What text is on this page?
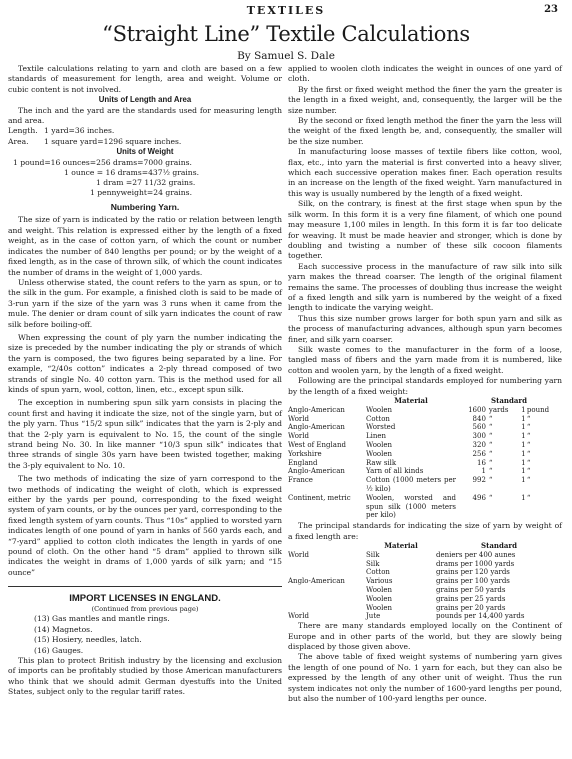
TEXTILES	23
“Straight Line” Textile Calculations
By Samuel S. Dale

Textile calculations relating to yarn and cloth are based on a few standards of measurement for length, area and weight. Volume or cubic content is not involved.

Units of Length and Area

The inch and the yard are the standards used for measuring length and area.

Length. 1 yard=36 inches.
Area.	1 square yard=1296 square inches.
Units of Weight
1 pound=16 ounces=256 drams=7000 grains.
1 ounce = 16 drams=437½ grains.
1 dram =27 11/32 grains.
1 pennyweight=24 grains.
Numbering Yarn.

The size of yarn is indicated by the ratio or relation between length and weight. This relation is expressed either by the length of a fixed weight, as in the case of cotton yarn, of which the count or number indicates the number of 840 lengths per pound; or by the weight of a fixed length, as in the case of thrown silk, of which the count indicates the number of drams in the weight of 1,000 yards.

Unless otherwise stated, the count refers to the yarn as spun, or to the silk in the gum. For example, a finished cloth is said to be made of 3-run yarn if the size of the yarn was 3 runs when it came from the mule. The denier or dram count of silk yarn indicates the count of raw silk before boiling-off.

When expressing the count of ply yarn the number indicating the size is preceded by the number indicating the ply or strands of which the yarn is composed, the two figures being separated by a line. For example, “2/40s cotton” indicates a 2-ply thread composed of two strands of single No. 40 cotton yarn. This is the method used for all kinds of spun yarn, wool, cotton, linen, etc., except spun silk.

The exception in numbering spun silk yarn consists in placing the count first and having it indicate the size, not of the single yarn, but of the ply yarn. Thus “15/2 spun silk” indicates that the yarn is 2-ply and that the 2-ply yarn is equivalent to No. 15, the count of the single strand being No. 30. In like manner “10/3 spun silk” indicates that three strands of single 30s yarn have been twisted together, making the 3-ply equivalent to No. 10.

The two methods of indicating the size of yarn correspond to the two methods of indicating the weight of cloth, which is expressed either by the yards per pound, corresponding to the fixed weight system of yarn counts, or by the ounces per yard, corresponding to the fixed length system of yarn counts. Thus “10s” applied to worsted yarn indicates length of one pound of yarn in hanks of 560 yards each, and “7-yard” applied to cotton cloth indicates the length in yards of one pound of cloth. On the other hand “5 dram” applied to thrown silk indicates the weight in drams of 1,000 yards of silk yarn; and “15 ounce”

IMPORT LICENSES IN ENGLAND.
(Continued from previous page)
(13) Gas mantles and mantle rings.
(14) Magnetos.
(15) Hosiery, needles, latch.
(16) Gauges.

This plan to protect British industry by the licensing and exclusion of imports can be profitably studied by those American manufacturers who think that we should admit German dyestuffs into the United States, subject only to the regular tariff rates.

applied to woolen cloth indicates the weight in ounces of one yard of cloth.

By the first or fixed weight method the finer the yarn the greater is the length in a fixed weight, and, consequently, the larger will be the size number.

By the second or fixed length method the finer the yarn the less will the weight of the fixed length be, and, consequently, the smaller will be the size number.

In manufacturing loose masses of textile fibers like cotton, wool, flax, etc., into yarn the material is first converted into a heavy sliver, which each successive operation makes finer. Each operation results in an increase on the length of the fixed weight. Yarn manufactured in this way is usually numbered by the length of a fixed weight.

Silk, on the contrary, is finest at the first stage when spun by the silk worm. In this form it is a very fine filament, of which one pound may measure 1,100 miles in length. In this form it is far too delicate for weaving. It must be made heavier and stronger, which is done by doubling and twisting a number of these silk cocoon filaments together.

Each successive process in the manufacture of raw silk into silk yarn makes the thread coarser. The length of the original filament remains the same. The processes of doubling thus increase the weight of a fixed length and silk yarn is numbered by the weight of a fixed length to indicate the varying weight.

Thus this size number grows larger for both spun yarn and silk as the process of manufacturing advances, although spun yarn becomes finer, and silk yarn coarser.

Silk waste comes to the manufacturer in the form of a loose, tangled mass of fibers and the yarn made from it is numbered, like cotton and woolen yarn, by the length of a fixed weight.

Following are the principal standards employed for numbering yarn by the length of a fixed weight:

	Material	Standard			
Anglo-American	Woolen	1600	yards	1	pound
World	Cotton	840	“	1	“
Anglo-American	Worsted	560	“	1	“
World	Linen	300	“	1	“
West of England	Woolen	320	“	1	“
Yorkshire	Woolen	256	“	1	“
England	Raw silk	16	“	1	“
Anglo-American	Yarn of all kinds	1	“	1	“
France	Cotton (1000 meters per ½ kilo)	992	“	1	“
Continent, metric	Woolen, worsted and spun silk (1000 meters per kilo)	496	“	1	“

The principal standards for indicating the size of yarn by weight of a fixed length are:

	Material	Standard
World	Silk	deniers per 400 aunes
	Silk	drams per 1000 yards
	Cotton	grains per 120 yards
Anglo-American	Various	grains per 100 yards
	Woolen	grains per 50 yards
	Woolen	grains per 25 yards
	Woolen	grains per 20 yards
World	Jute	pounds per 14,400 yards

There are many standards employed locally on the Continent of Europe and in other parts of the world, but they are slowly being displaced by those given above.

The above table of fixed weight systems of numbering yarn gives the length of one pound of No. 1 yarn for each, but they can also be expressed by the length of any other unit of weight. Thus the run system indicates not only the number of 1600-yard lengths per pound, but also the number of 100-yard lengths per ounce.
